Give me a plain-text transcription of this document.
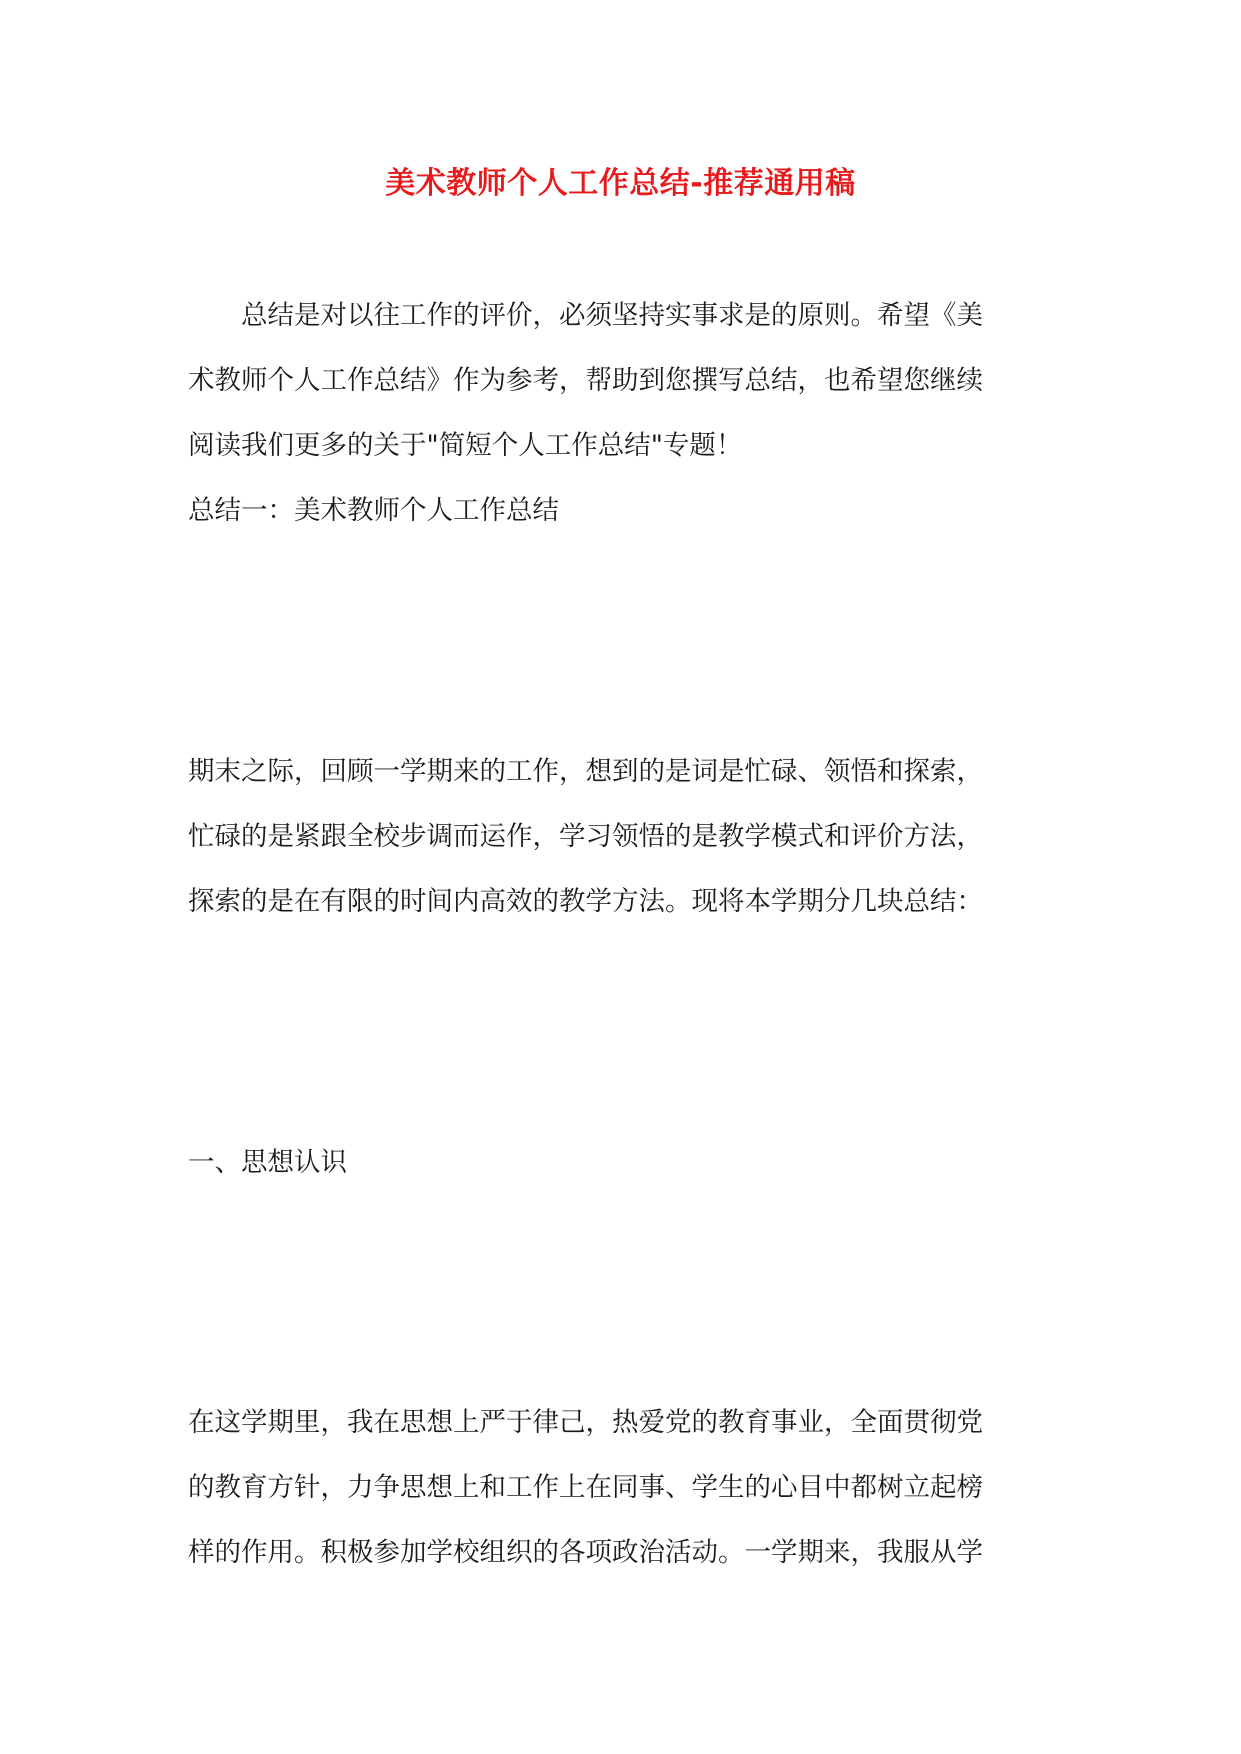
美术教师个人工作总结-推荐通用稿
　　总结是对以往工作的评价，必须坚持实事求是的原则。希望《美
术教师个人工作总结》作为参考，帮助到您撰写总结，也希望您继续
阅读我们更多的关于"简短个人工作总结"专题！
总结一：美术教师个人工作总结
期末之际，回顾一学期来的工作，想到的是词是忙碌、领悟和探索，
忙碌的是紧跟全校步调而运作，学习领悟的是教学模式和评价方法，
探索的是在有限的时间内高效的教学方法。现将本学期分几块总结：
一、思想认识
在这学期里，我在思想上严于律己，热爱党的教育事业，全面贯彻党
的教育方针，力争思想上和工作上在同事、学生的心目中都树立起榜
样的作用。积极参加学校组织的各项政治活动。一学期来，我服从学
